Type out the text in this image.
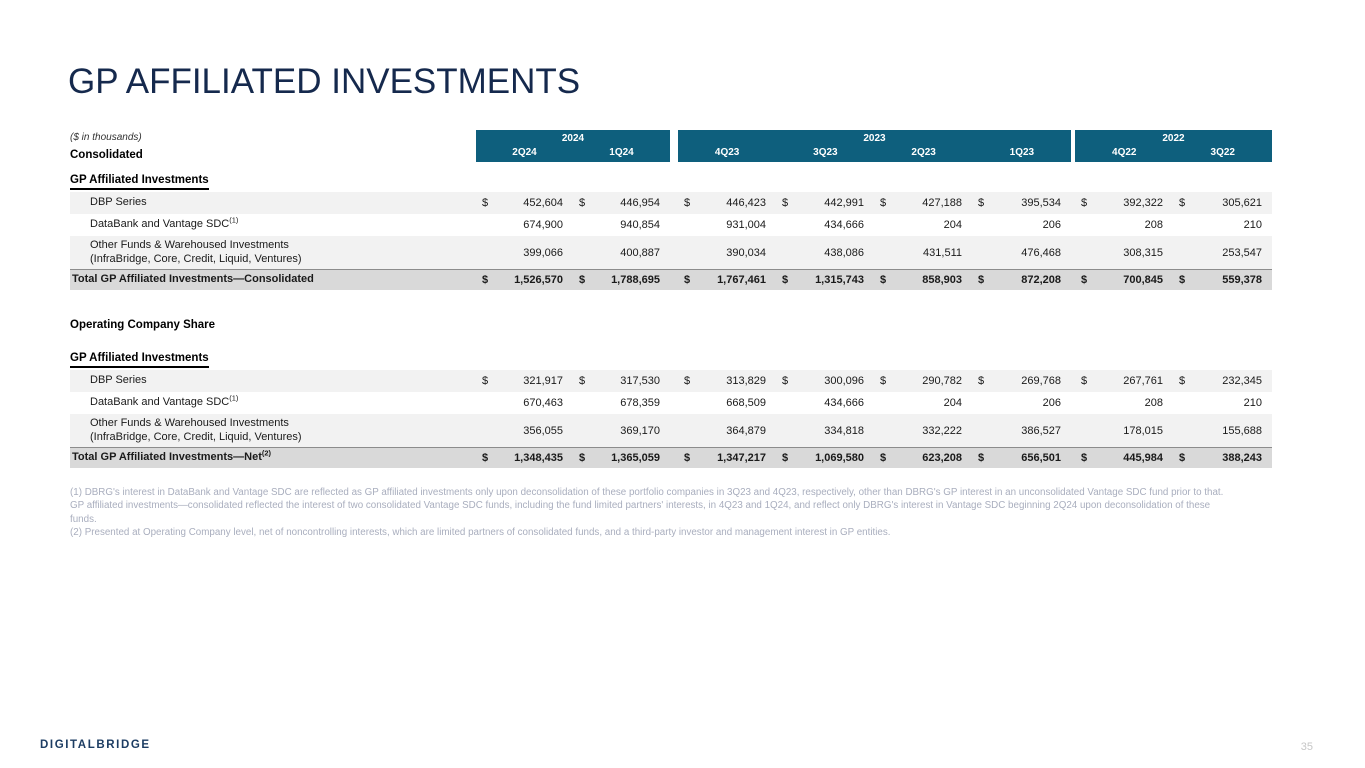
GP AFFILIATED INVESTMENTS
($ in thousands)
Consolidated
2024
2Q24	1Q24
2023
4Q23	3Q23	2Q23	1Q23
2022
4Q22	3Q22
GP Affiliated Investments
DBP Series	$	452,604 $	446,954 $	446,423 $	442,991 $	427,188 $	395,534 $	392,322 $	305,621
DataBank and Vantage SDC$^{(1)}$	674,900	940,854	931,004	434,666	204	206	208	210
Other Funds & Warehoused Investments
(InfraBridge, Core, Credit, Liquid, Ventures)	399,066	400,887	390,034	438,086	431,511	476,468	308,315	253,547
Total GP Affiliated Investments—Consolidated	$ 1,526,570 $ 1,788,695 $ 1,767,461 $ 1,315,743 $	858,903 $	872,208 $	700,845 $	559,378
Operating Company Share
GP Affiliated Investments
DBP Series	$	321,917 $	317,530 $	313,829 $	300,096 $	290,782 $	269,768 $	267,761 $	232,345
DataBank and Vantage SDC$^{(1)}$	670,463	678,359	668,509	434,666	204	206	208	210
Other Funds & Warehoused Investments
(InfraBridge, Core, Credit, Liquid, Ventures)	356,055	369,170	364,879	334,818	332,222	386,527	178,015	155,688
Total GP Affiliated Investments—Net$^{(2)}$	$ 1,348,435 $ 1,365,059 $ 1,347,217 $ 1,069,580 $	623,208 $	656,501 $	445,984 $	388,243

(1) DBRG's interest in DataBank and Vantage SDC are reflected as GP affiliated investments only upon deconsolidation of these portfolio companies in 3Q23 and 4Q23, respectively, other than DBRG's GP interest in an unconsolidated Vantage SDC fund prior to that. GP affiliated investments—consolidated reflected the interest of two consolidated Vantage SDC funds, including the fund limited partners' interests, in 4Q23 and 1Q24, and reflect only DBRG's interest in Vantage SDC beginning 2Q24 upon deconsolidation of these funds.

(2) Presented at Operating Company level, net of noncontrolling interests, which are limited partners of consolidated funds, and a third-party investor and management interest in GP entities.

DIGITALBRIDGE	35
